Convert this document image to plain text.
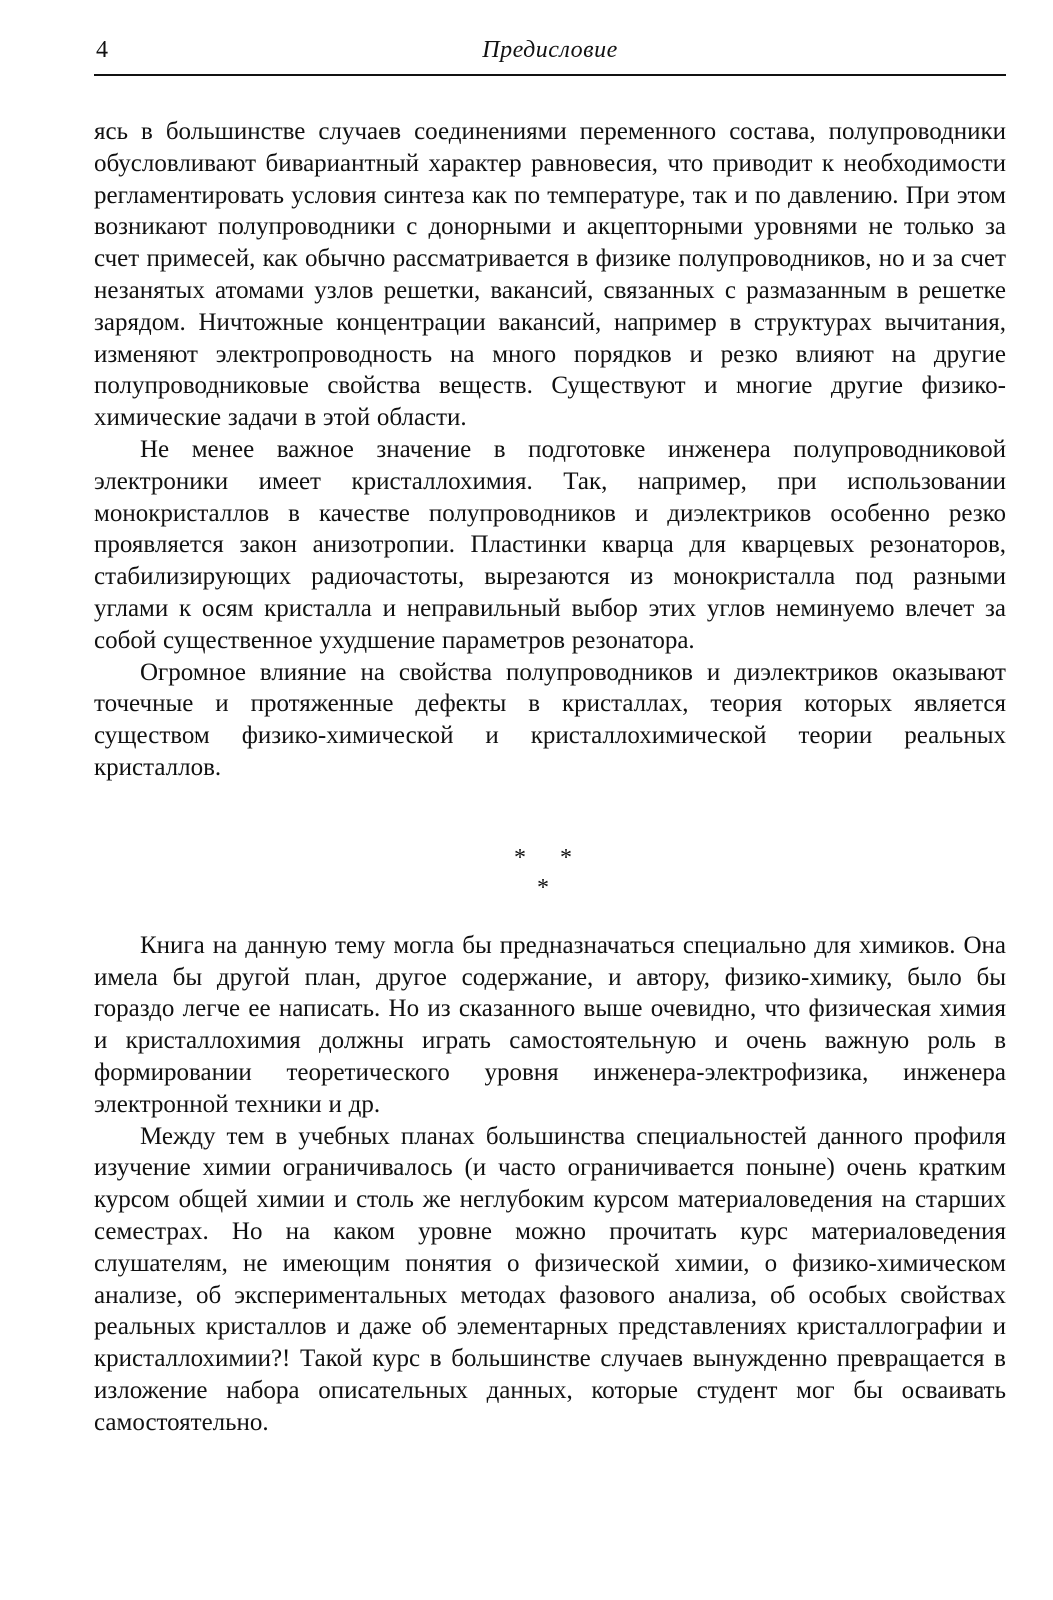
4	Предисловие

ясь в большинстве случаев соединениями переменного состава, полупроводники обусловливают бивариантный характер равновесия, что приводит к необходимости регламентировать условия синтеза как по температуре, так и по давлению. При этом возникают полупроводники с донорными и акцепторными уровнями не только за счет примесей, как обычно рассматривается в физике полупроводников, но и за счет незанятых атомами узлов решетки, вакансий, связанных с размазанным в решетке зарядом. Ничтожные концентрации вакансий, например в структурах вычитания, изменяют электропроводность на много порядков и резко влияют на другие полупроводниковые свойства веществ. Существуют и многие другие физико-химические задачи в этой области.

Не менее важное значение в подготовке инженера полупроводниковой электроники имеет кристаллохимия. Так, например, при использовании монокристаллов в качестве полупроводников и диэлектриков особенно резко проявляется закон анизотропии. Пластинки кварца для кварцевых резонаторов, стабилизирующих радиочастоты, вырезаются из монокристалла под разными углами к осям кристалла и неправильный выбор этих углов неминуемо влечет за собой существенное ухудшение параметров резонатора.

Огромное влияние на свойства полупроводников и диэлектриков оказывают точечные и протяженные дефекты в кристаллах, теория которых является существом физико-химической и кристаллохимической теории реальных кристаллов.

* *
*

Книга на данную тему могла бы предназначаться специально для химиков. Она имела бы другой план, другое содержание, и автору, физико-химику, было бы гораздо легче ее написать. Но из сказанного выше очевидно, что физическая химия и кристаллохимия должны играть самостоятельную и очень важную роль в формировании теоретического уровня инженера-электрофизика, инженера электронной техники и др.

Между тем в учебных планах большинства специальностей данного профиля изучение химии ограничивалось (и часто ограничивается поныне) очень кратким курсом общей химии и столь же неглубоким курсом материаловедения на старших семестрах. Но на каком уровне можно прочитать курс материаловедения слушателям, не имеющим понятия о физической химии, о физико-химическом анализе, об экспериментальных методах фазового анализа, об особых свойствах реальных кристаллов и даже об элементарных представлениях кристаллографии и кристаллохимии?! Такой курс в большинстве случаев вынужденно превращается в изложение набора описательных данных, которые студент мог бы осваивать самостоятельно.
